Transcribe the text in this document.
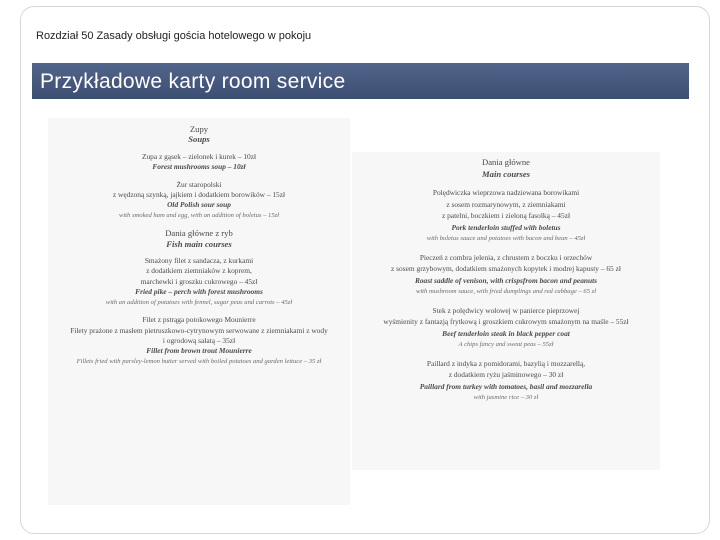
Rozdział 50 Zasady obsługi gościa hotelowego w pokoju
Przykładowe karty room service
Zupy
Soups
Zupa z gąsek – zielonek i kurek – 10zł
Forest mushrooms soup – 10zł
Żur staropolski
z wędzoną szynką, jajkiem i dodatkiem borowików – 15zł
Old Polish sour soup
with smoked ham and egg, with an addition of boletus – 15zł
Dania główne z ryb
Fish main courses
Smażony filet z sandacza, z kurkami
z dodatkiem ziemniaków z koprem,
marchewki i groszku cukrowego – 45zł
Fried pike – perch with forest mushrooms
with an addition of potatoes with fennel, sugar peas and carrots – 45zł
Filet z pstrąga potokowego Mounierre
Filety prażone z masłem pietruszkowo-cytrynowym serwowane z ziemniakami z wody
i ogrodową sałatą – 35zł
Fillet from brown trout Mounierre
Fillets fried with parsley-lemon butter served with boiled potatoes and garden lettuce – 35 zł
Dania główne
Main courses
Polędwiczka wieprzowa nadziewana borowikami
z sosem rozmarynowym, z ziemniakami
z patelni, boczkiem i zieloną fasolką – 45zł
Pork tenderloin stuffed with boletus
with boletus sauce and potatoes with bacon and bean – 45zł
Pieczeń z combra jelenia, z chrustem z boczku i orzechów
z sosem grzybowym, dodatkiem smażonych kopytek i modrej kapusty – 65 zł
Roast saddle of venison, with crispsfrom bacon and peanuts
with mushroom sauce, with fried dumplings and red cabbage – 65 zł
Stek z polędwicy wołowej w panierce pieprzowej
wyśmienity z fantazją frytkową i groszkiem cukrowym smażonym na maśle – 55zł
Beef tenderloin steak in black pepper coat
A chips fancy and sweat peas – 55zł
Paillard z indyka z pomidorami, bazylią i mozzarellą,
z dodatkiem ryżu jaśminowego – 30 zł
Paillard from turkey with tomatoes, basil and mozzarella
with jasmine rice – 30 zł
